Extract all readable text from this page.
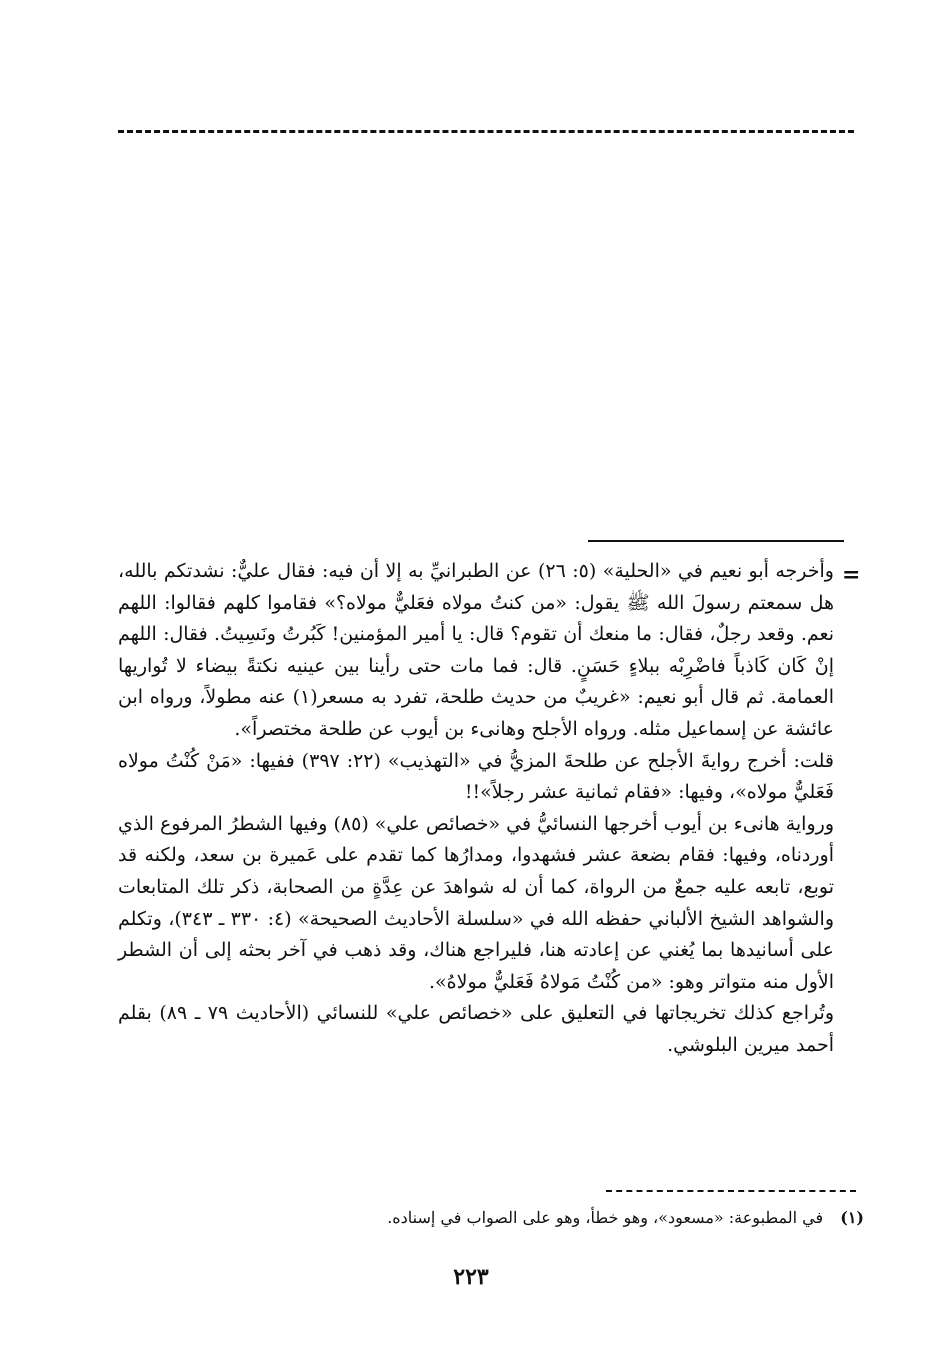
=

وأخرجه أبو نعيم في «الحلية» (٥: ٢٦) عن الطبرانيِّ به إلا أن فيه: فقال عليٌّ: نشدتكم بالله، هل سمعتم رسولَ الله ﷺ يقول: «من كنتُ مولاه فعَليٌّ مولاه؟» فقاموا كلهم فقالوا: اللهم نعم. وقعد رجلٌ، فقال: ما منعك أن تقوم؟ قال: يا أمير المؤمنين! كَبُرتُ ونَسِيتُ. فقال: اللهم إنْ كَان كَاذباً فاضْرِبْه ببلاءٍ حَسَنٍ. قال: فما مات حتى رأينا بين عينيه نكتةً بيضاء لا تُواريها العمامة. ثم قال أبو نعيم: «غريبٌ من حديث طلحة، تفرد به مسعر(١) عنه مطولاً، ورواه ابن عائشة عن إسماعيل مثله. ورواه الأجلح وهانىء بن أيوب عن طلحة مختصراً».

قلت: أخرج روايةَ الأجلح عن طلحةَ المزيُّ في «التهذيب» (٢٢: ٣٩٧) ففيها: «مَنْ كُنْتُ مولاه فَعَليٌّ مولاه»، وفيها: «فقام ثمانية عشر رجلاً»!!

ورواية هانىء بن أيوب أخرجها النسائيُّ في «خصائص علي» (٨٥) وفيها الشطرُ المرفوع الذي أوردناه، وفيها: فقام بضعة عشر فشهدوا، ومدارُها كما تقدم على عَميرة بن سعد، ولكنه قد توبع، تابعه عليه جمعٌ من الرواة، كما أن له شواهدَ عن عِدَّةٍ من الصحابة، ذكر تلك المتابعات والشواهد الشيخ الألباني حفظه الله في «سلسلة الأحاديث الصحيحة» (٤: ٣٣٠ ـ ٣٤٣)، وتكلم على أسانيدها بما يُغني عن إعادته هنا، فليراجع هناك، وقد ذهب في آخر بحثه إلى أن الشطر الأول منه متواتر وهو: «من كُنْتُ مَولاهُ فَعَليٌّ مولاهُ».

وتُراجع كذلك تخريجاتها في التعليق على «خصائص علي» للنسائي (الأحاديث ٧٩ ـ ٨٩) بقلم أحمد ميرين البلوشي.

(١) في المطبوعة: «مسعود»، وهو خطأ، وهو على الصواب في إسناده.
٢٢٣
